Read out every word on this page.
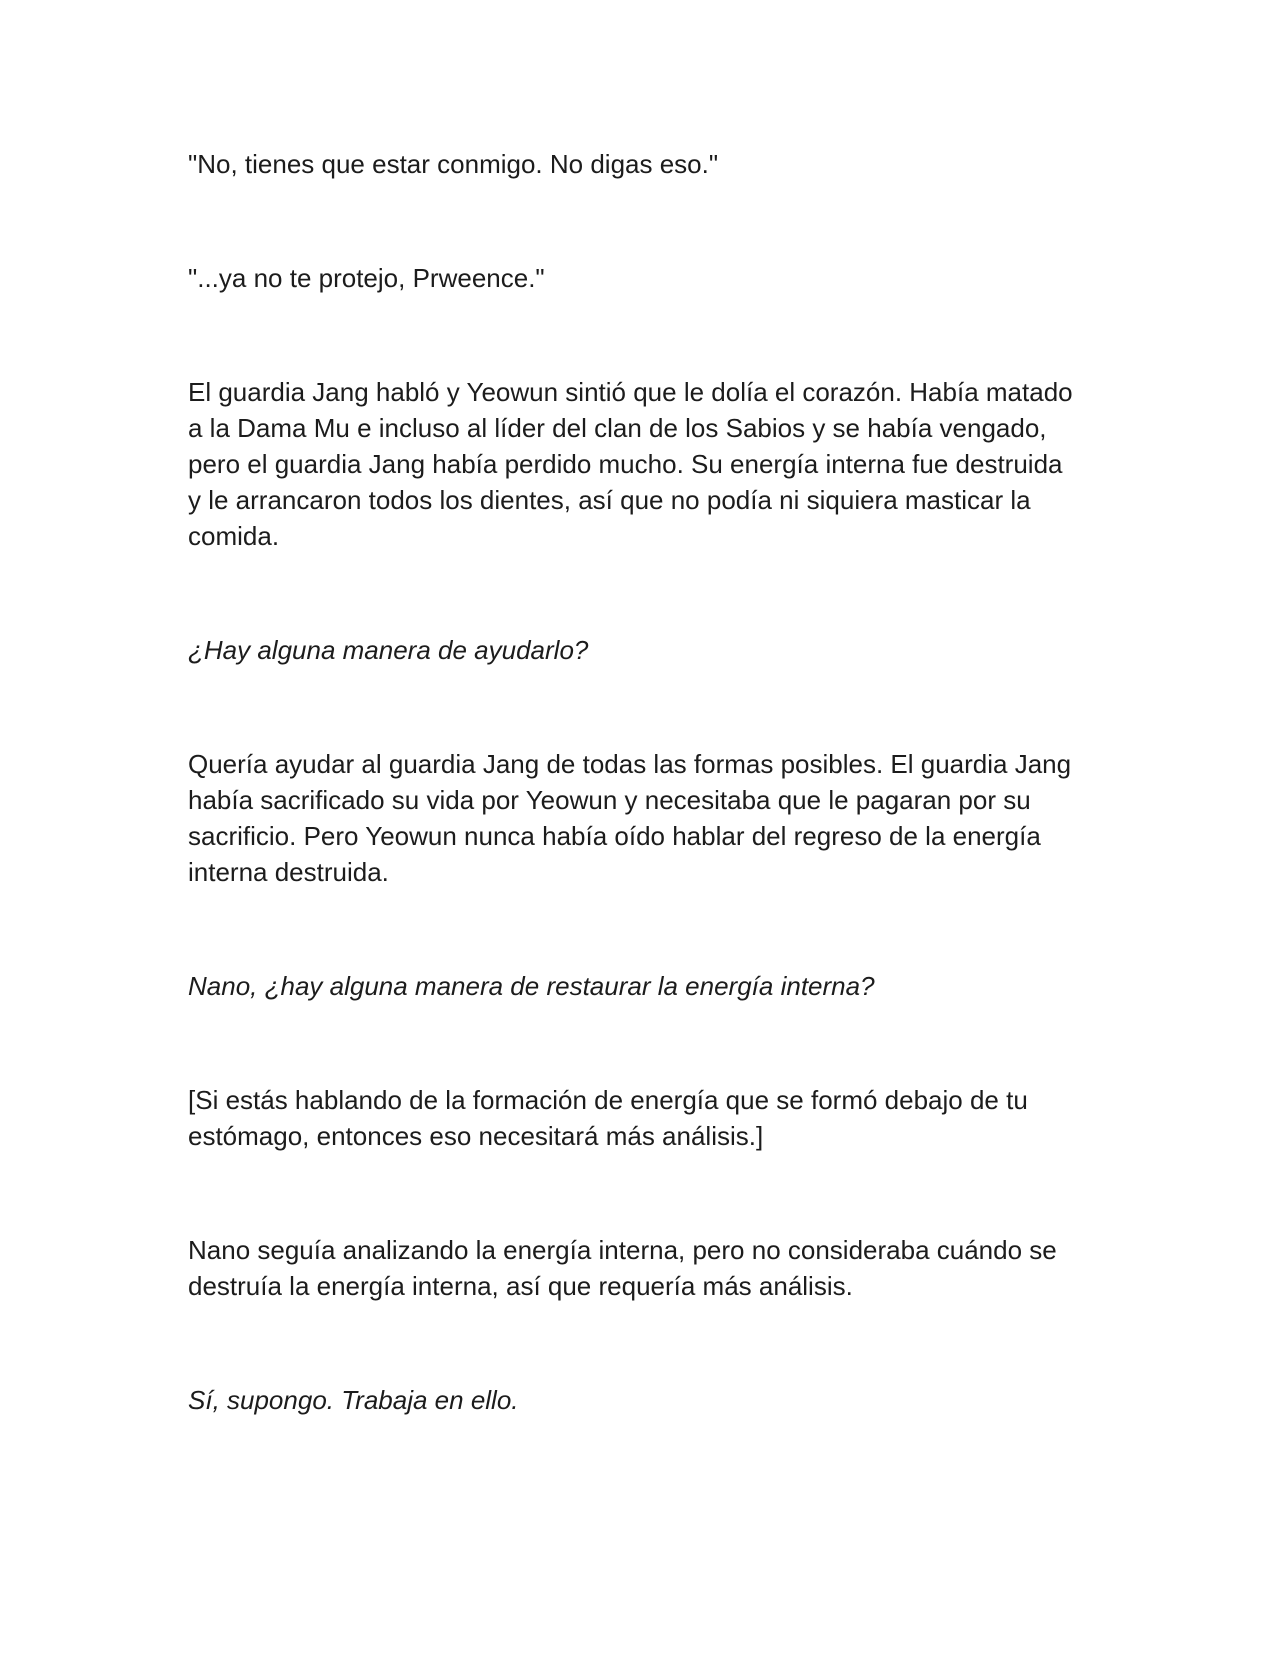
"No, tienes que estar conmigo. No digas eso."

"...ya no te protejo, Prweence."

El guardia Jang habló y Yeowun sintió que le dolía el corazón. Había matado a la Dama Mu e incluso al líder del clan de los Sabios y se había vengado, pero el guardia Jang había perdido mucho. Su energía interna fue destruida y le arrancaron todos los dientes, así que no podía ni siquiera masticar la comida.

¿Hay alguna manera de ayudarlo?

Quería ayudar al guardia Jang de todas las formas posibles. El guardia Jang había sacrificado su vida por Yeowun y necesitaba que le pagaran por su sacrificio. Pero Yeowun nunca había oído hablar del regreso de la energía interna destruida.

Nano, ¿hay alguna manera de restaurar la energía interna?

[Si estás hablando de la formación de energía que se formó debajo de tu estómago, entonces eso necesitará más análisis.]

Nano seguía analizando la energía interna, pero no consideraba cuándo se destruía la energía interna, así que requería más análisis.

Sí, supongo. Trabaja en ello.
